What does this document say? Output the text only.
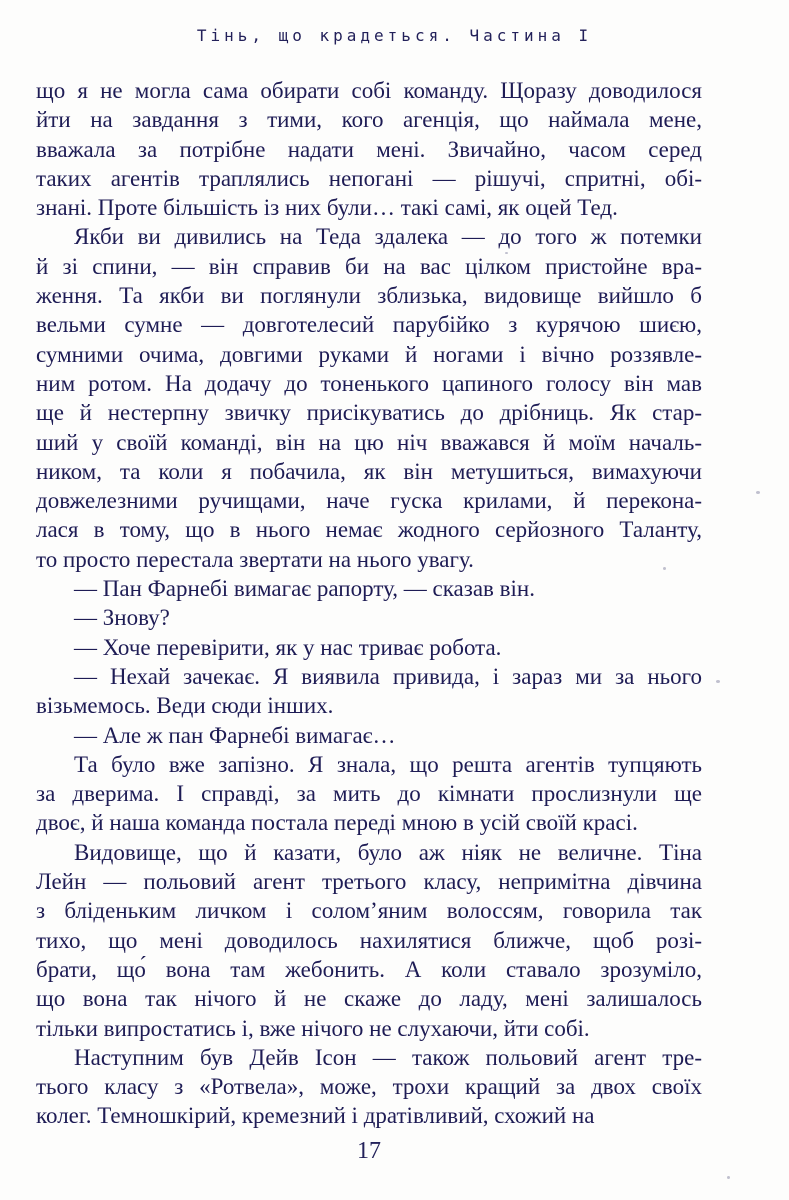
Тінь, що крадеться. Частина I
що я не могла сама обирати собі команду. Щоразу доводилося
йти на завдання з тими, кого агенція, що наймала мене,
вважала за потрібне надати мені. Звичайно, часом серед
таких агентів траплялись непогані — рішучі, спритні, обі-
знані. Проте більшість із них були… такі самі, як оцей Тед.
Якби ви дивились на Теда здалека — до того ж потемки
й зі спини, — він справив би на вас цілком пристойне вра-
ження. Та якби ви поглянули зблизька, видовище вийшло б
вельми сумне — довготелесий парубійко з курячою шиєю,
сумними очима, довгими руками й ногами і вічно роззявле-
ним ротом. На додачу до тоненького цапиного голосу він мав
ще й нестерпну звичку присікуватись до дрібниць. Як стар-
ший у своїй команді, він на цю ніч вважався й моїм началь-
ником, та коли я побачила, як він метушиться, вимахуючи
довжелезними ручищами, наче гуска крилами, й перекона-
лася в тому, що в нього немає жодного серйозного Таланту,
то просто перестала звертати на нього увагу.
— Пан Фарнебі вимагає рапорту, — сказав він.
— Знову?
— Хоче перевірити, як у нас триває робота.
— Нехай зачекає. Я виявила привида, і зараз ми за нього
візьмемось. Веди сюди інших.
— Але ж пан Фарнебі вимагає…
Та було вже запізно. Я знала, що решта агентів тупцяють
за дверима. І справді, за мить до кімнати прослизнули ще
двоє, й наша команда постала переді мною в усій своїй красі.
Видовище, що й казати, було аж ніяк не величне. Тіна
Лейн — польовий агент третього класу, непримітна дівчина
з бліденьким личком і солом’яним волоссям, говорила так
тихо, що мені доводилось нахилятися ближче, щоб розі-
брати, що́ вона там жебонить. А коли ставало зрозуміло,
що вона так нічого й не скаже до ладу, мені залишалось
тільки випростатись і, вже нічого не слухаючи, йти собі.
Наступним був Дейв Ісон — також польовий агент тре-
тього класу з «Ротвела», може, трохи кращий за двох своїх
колег. Темношкірий, кремезний і дратівливий, схожий на
17
